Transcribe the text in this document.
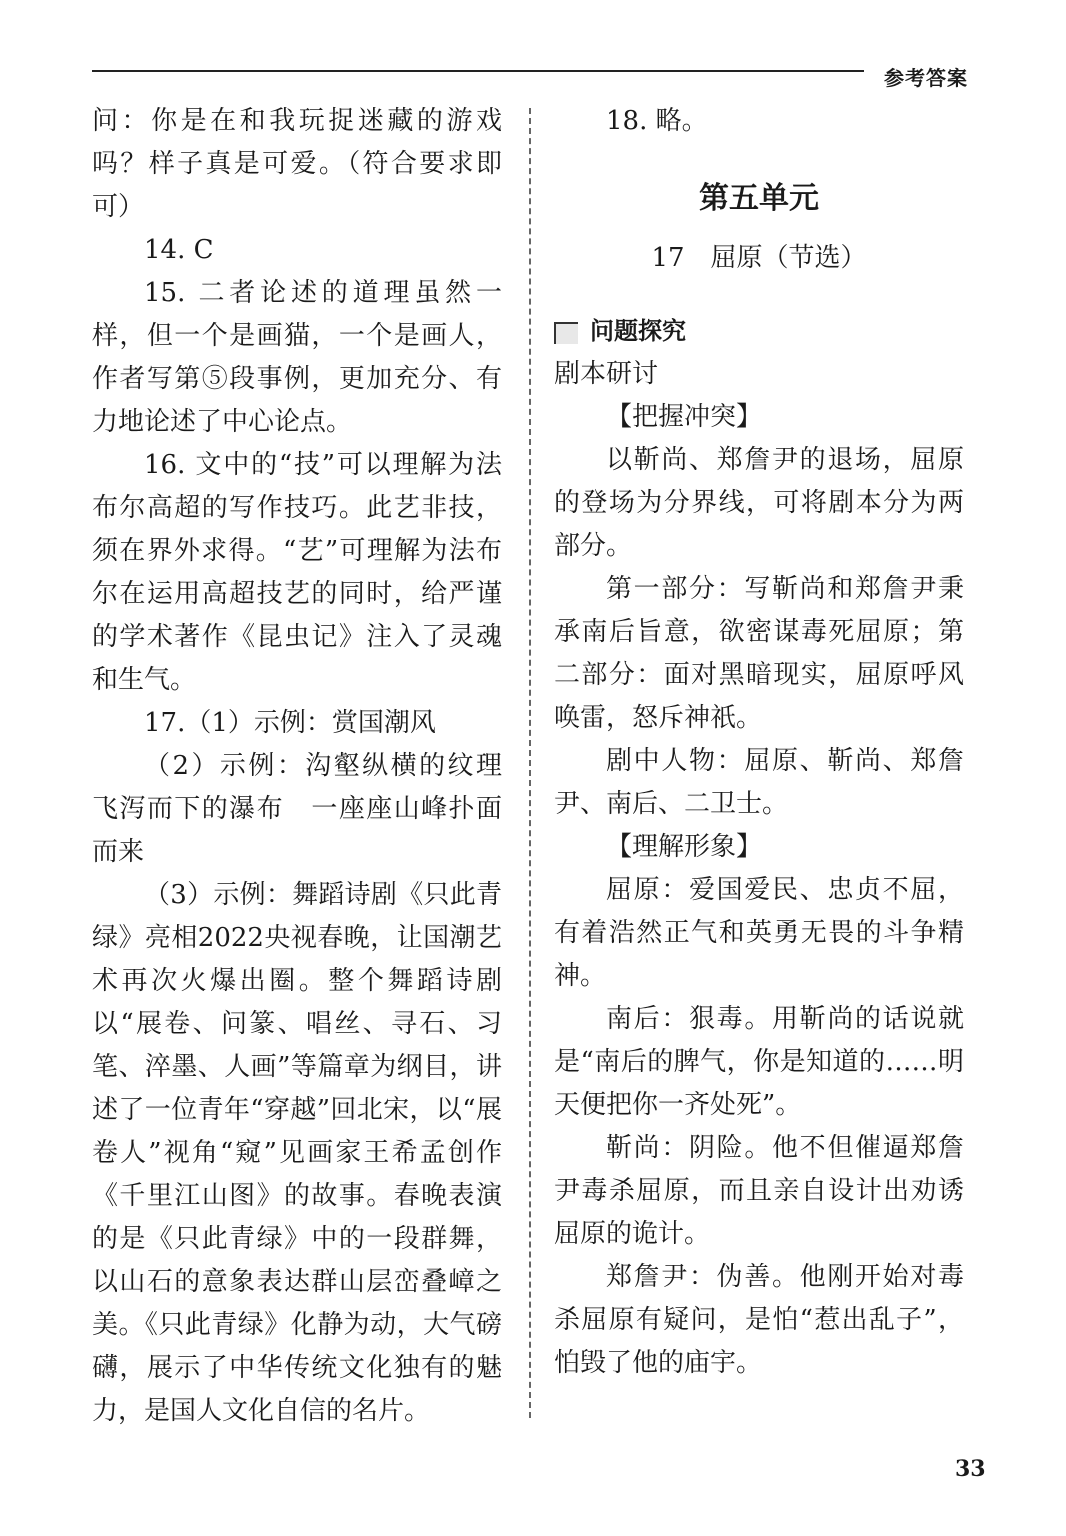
参考答案

问：你是在和我玩捉迷藏的游戏吗？样子真是可爱。（符合要求即可）

14. C

15. 二者论述的道理虽然一样，但一个是画猫，一个是画人，作者写第⑤段事例，更加充分、有力地论述了中心论点。

16. 文中的“技”可以理解为法布尔高超的写作技巧。此艺非技，须在界外求得。“艺”可理解为法布尔在运用高超技艺的同时，给严谨的学术著作《昆虫记》注入了灵魂和生气。

17.（1）示例：赏国潮风

（2）示例：沟壑纵横的纹理　飞泻而下的瀑布　一座座山峰扑面而来

（3）示例：舞蹈诗剧《只此青绿》亮相2022央视春晚，让国潮艺术再次火爆出圈。整个舞蹈诗剧以“展卷、问篆、唱丝、寻石、习笔、淬墨、人画”等篇章为纲目，讲述了一位青年“穿越”回北宋，以“展卷人”视角“窥”见画家王希孟创作《千里江山图》的故事。春晚表演的是《只此青绿》中的一段群舞，以山石的意象表达群山层峦叠嶂之美。《只此青绿》化静为动，大气磅礴，展示了中华传统文化独有的魅力，是国人文化自信的名片。

18. 略。

第五单元
17　屈原（节选）
问题探究

剧本研讨

【把握冲突】

以靳尚、郑詹尹的退场，屈原的登场为分界线，可将剧本分为两部分。

第一部分：写靳尚和郑詹尹秉承南后旨意，欲密谋毒死屈原；第二部分：面对黑暗现实，屈原呼风唤雷，怒斥神祇。

剧中人物：屈原、靳尚、郑詹尹、南后、二卫士。

【理解形象】

屈原：爱国爱民、忠贞不屈，有着浩然正气和英勇无畏的斗争精神。

南后：狠毒。用靳尚的话说就是“南后的脾气，你是知道的……明天便把你一齐处死”。

靳尚：阴险。他不但催逼郑詹尹毒杀屈原，而且亲自设计出劝诱屈原的诡计。

郑詹尹：伪善。他刚开始对毒杀屈原有疑问，是怕“惹出乱子”，怕毁了他的庙宇。

33
